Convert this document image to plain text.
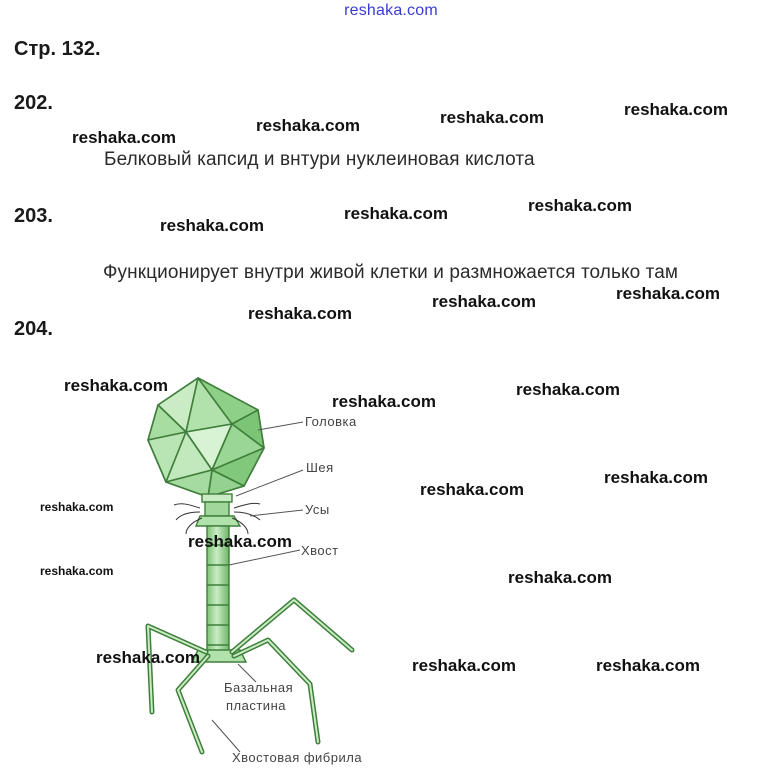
reshaka.com
Стр. 132.
202.
203.
204.
Белковый капсид и внтури нуклеиновая кислота
Функционирует внутри живой клетки и размножается только там
Головка
Шея
Усы
Хвост
Базальная
пластина
Хвостовая фибрила
reshaka.com
reshaka.com	reshaka.com	reshaka.com
reshaka.com
reshaka.com	reshaka.com
reshaka.com
reshaka.com	reshaka.com
reshaka.com
reshaka.com
reshaka.com
reshaka.com
reshaka.com
reshaka.com
reshaka.com
reshaka.com	reshaka.com	reshaka.com
reshaka.com
reshaka.com
